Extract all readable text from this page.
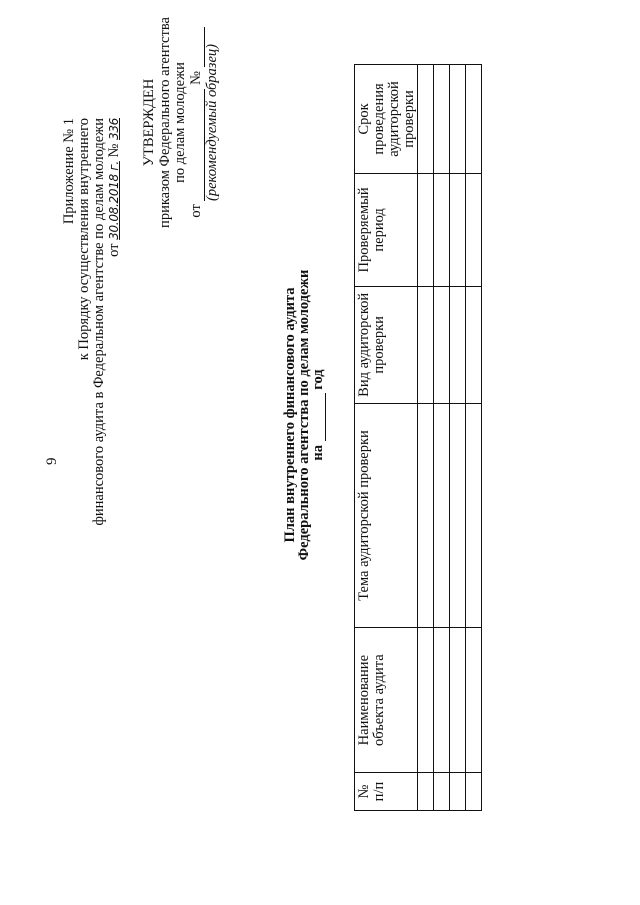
9
Приложение № 1 к Порядку осуществления внутреннего финансового аудита в Федеральном агентстве по делам молодежи от 30.08.2018 г. № 336 УТВЕРЖДЕН приказом Федерального агентства по делам молодежи
от   № (рекомендуемый образец)
План внутреннего финансового аудита
Федерального агентства по делам молодежи
на   год
№ п/п	Наименование объекта аудита	Тема аудиторской проверки	Вид аудиторской проверки	Проверяемый период	Срок проведения аудиторской проверки
